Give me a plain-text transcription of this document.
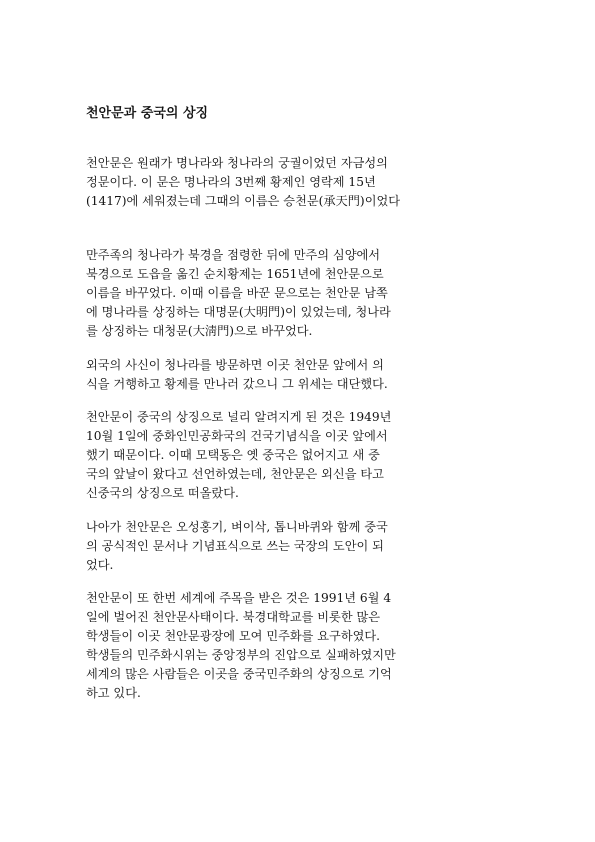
천안문과 중국의 상징
천안문은 원래가 명나라와 청나라의 궁궐이었던 자금성의
정문이다. 이 문은 명나라의 3번째 황제인 영락제 15년
(1417)에 세워졌는데 그때의 이름은 승천문(承天門)이었다
만주족의 청나라가 북경을 점령한 뒤에 만주의 심양에서
북경으로 도읍을 옮긴 순치황제는 1651년에 천안문으로
이름을 바꾸었다. 이때 이름을 바꾼 문으로는 천안문 남쪽
에 명나라를 상징하는 대명문(大明門)이 있었는데, 청나라
를 상징하는 대청문(大淸門)으로 바꾸었다.
외국의 사신이 청나라를 방문하면 이곳 천안문 앞에서 의
식을 거행하고 황제를 만나러 갔으니 그 위세는 대단했다.
천안문이 중국의 상징으로 널리 알려지게 된 것은 1949년
10월 1일에 중화인민공화국의 건국기념식을 이곳 앞에서
했기 때문이다. 이때 모택동은 옛 중국은 없어지고 새 중
국의 앞날이 왔다고 선언하였는데, 천안문은 외신을 타고
신중국의 상징으로 떠올랐다.
나아가 천안문은 오성홍기, 벼이삭, 톱니바퀴와 함께 중국
의 공식적인 문서나 기념표식으로 쓰는 국장의 도안이 되
었다.
천안문이 또 한번 세계에 주목을 받은 것은 1991년 6월 4
일에 벌어진 천안문사태이다. 북경대학교를 비롯한 많은
학생들이 이곳 천안문광장에 모여 민주화를 요구하였다.
학생들의 민주화시위는 중앙정부의 진압으로 실패하였지만
세계의 많은 사람들은 이곳을 중국민주화의 상징으로 기억
하고 있다.
